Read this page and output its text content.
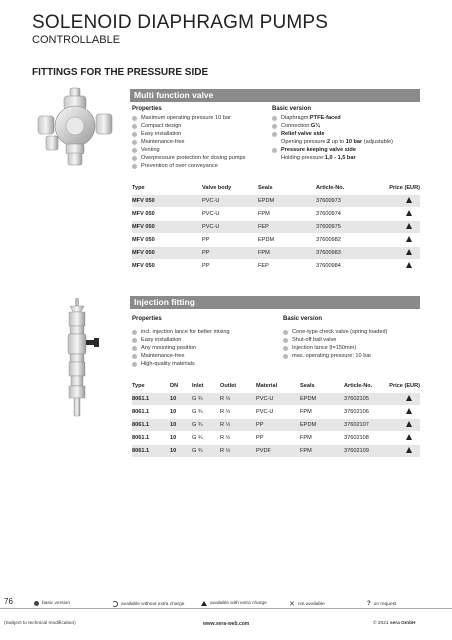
SOLENOID DIAPHRAGM PUMPS
CONTROLLABLE
FITTINGS FOR THE PRESSURE SIDE
Multi function valve
Properties
Maximum operating pressure 10 bar
Compact design
Easy installation
Maintenance-free
Venting
Overpressure protection for dosing pumps
Prevention of over conveyance
Basic version
Diaphragm: PTFE-faced
Connection: G¾
Relief valve side
Opening pressure: 2 up to 10 bar (adjustable)
Pressure keeping valve side
Holding pressure: 1,0 - 1,5 bar
Type	Valve body	Seals	Article-No.	Price (EUR)
MFV 050	PVC-U	EPDM	37600973	
MFV 050	PVC-U	FPM	37600974	
MFV 050	PVC-U	FEP	37600975	
MFV 050	PP	EPDM	37600982	
MFV 050	PP	FPM	37600983	
MFV 050	PP	FEP	37600984	
Injection fitting
Properties
incl. injection lance for better mixing
Easy installation
Any mounting position
Maintenance-free
High-quality materials
Basic version
Cone-type check valve (spring loaded)
Shut-off ball valve
Injection lance (l=150mm)
max. operating pressure: 10 bar
Type	DN	Inlet	Outlet	Material	Seals	Article-No.	Price (EUR)
8061.1	10	G ¾	R ½	PVC-U	EPDM	37602105	
8061.1	10	G ¾	R ½	PVC-U	FPM	37602106	
8061.1	10	G ¾	R ½	PP	EPDM	37602107	
8061.1	10	G ¾	R ½	PP	FPM	37602108	
8061.1	10	G ¾	R ½	PVDF	FPM	37602109	
76	basic version	available without extra charge	available with extra charge	✕ not available	? on request
(Subject to technical modification)	www.sera-web.com	© 2021 sera GmbH
